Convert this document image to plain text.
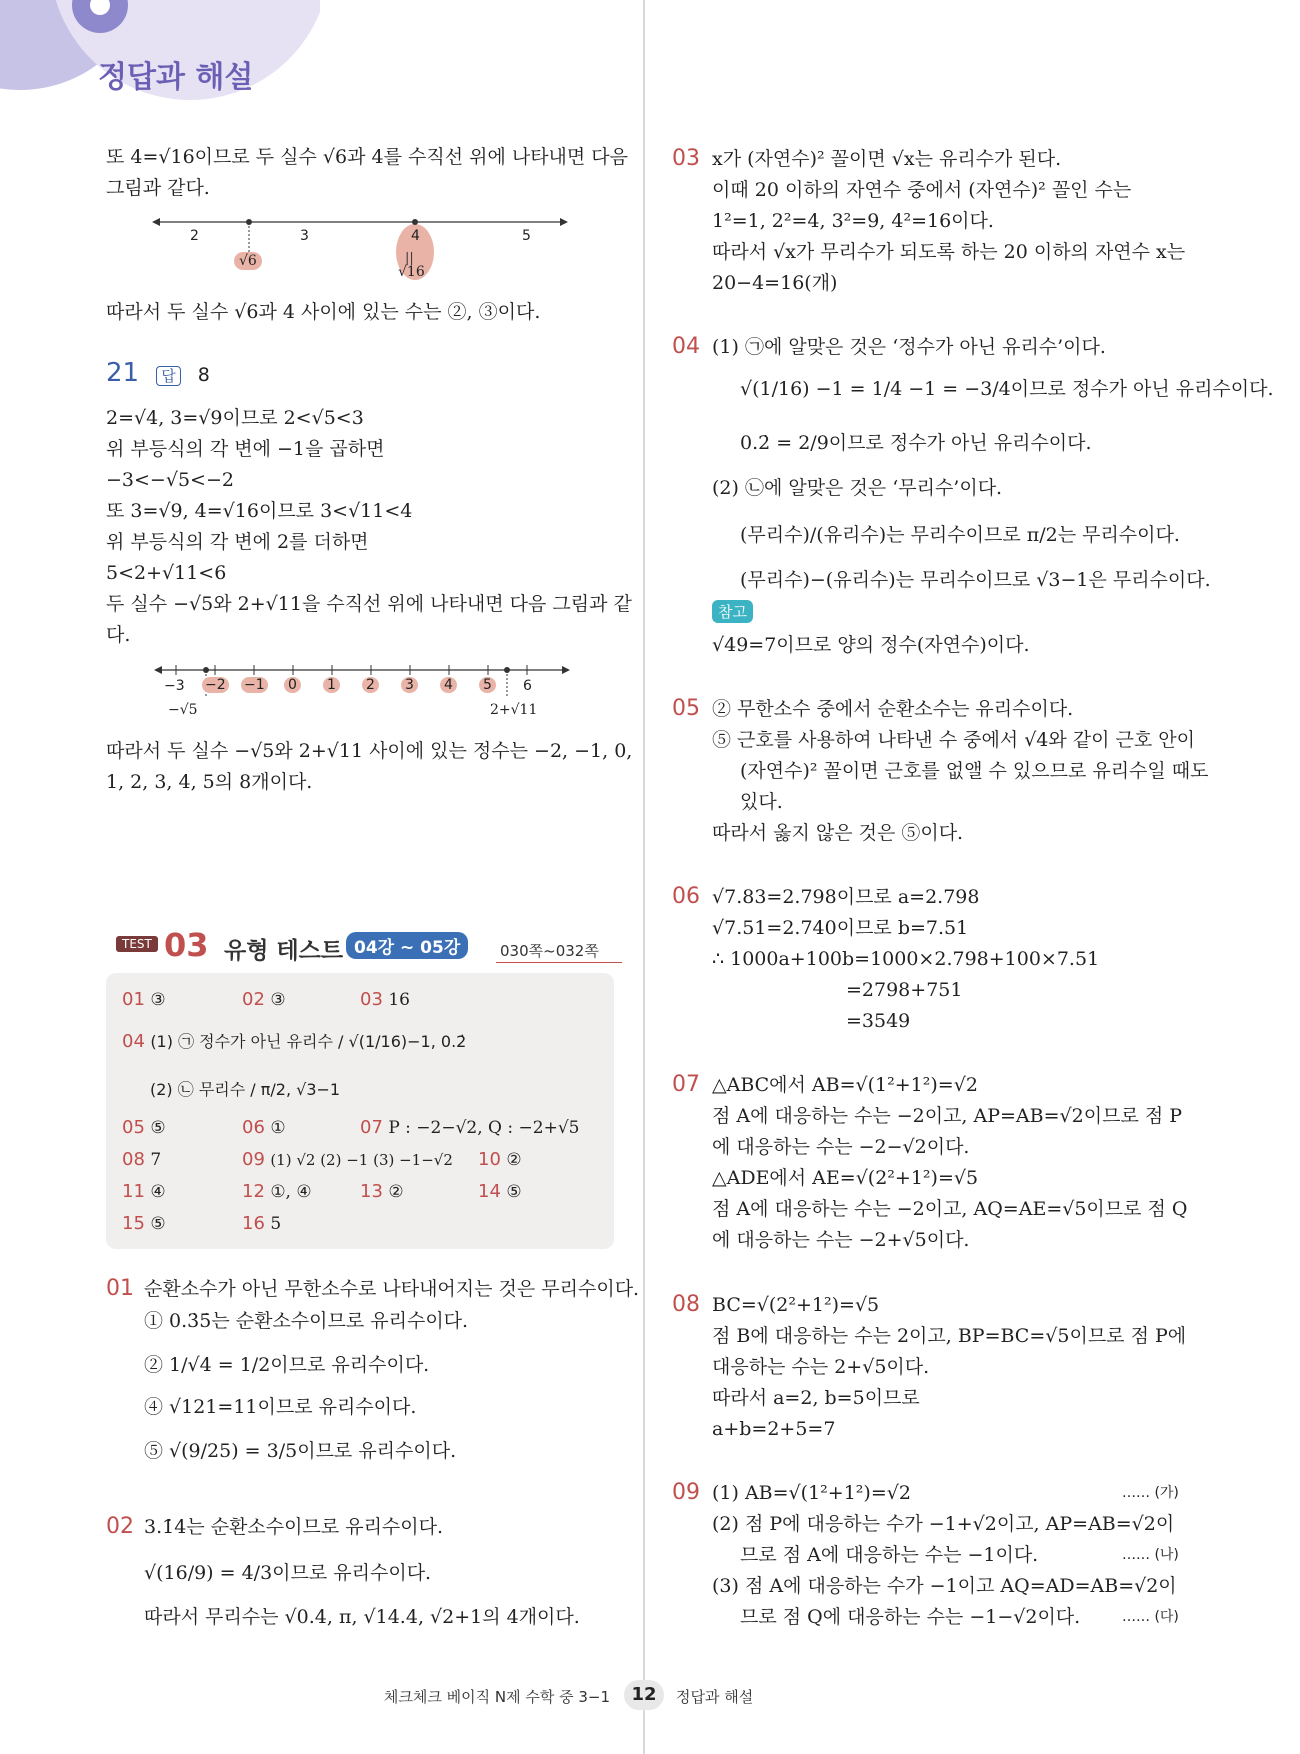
정답과 해설
또 4=√16이므로 두 실수 √6과 4를 수직선 위에 나타내면 다음
그림과 같다.
||
2	3	4	5
√6
√16
따라서 두 실수 √6과 4 사이에 있는 수는 ②, ③이다.
21 답 8
2=√4, 3=√9이므로 2<√5<3
위 부등식의 각 변에 −1을 곱하면
−3<−√5<−2
또 3=√9, 4=√16이므로 3<√11<4
위 부등식의 각 변에 2를 더하면
5<2+√11<6
두 실수 −√5와 2+√11을 수직선 위에 나타내면 다음 그림과 같
다.
−3 −2 −1 0 1 2 3 4 5 6
−√5	2+√11
따라서 두 실수 −√5와 2+√11 사이에 있는 정수는 −2, −1, 0,
1, 2, 3, 4, 5의 8개이다.
TEST 03 유형 테스트 04강 ~ 05강	030쪽~032쪽
01 ③	02 ③	03 16
04 (1) ㉠ 정수가 아닌 유리수 / √(1/16)−1, 0.2̇
(2) ㉡ 무리수 / π/2, √3−1
05 ⑤	06 ①	07 P : −2−√2, Q : −2+√5
08 7	09 (1) √2 (2) −1 (3) −1−√2 10 ②
11 ④	12 ①, ④	13 ②	14 ⑤
15 ⑤	16 5
01 순환소수가 아닌 무한소수로 나타내어지는 것은 무리수이다.
① 0.3̇5̇는 순환소수이므로 유리수이다.
② 1/√4 = 1/2이므로 유리수이다.
④ √121=11이므로 유리수이다.
⑤ √(9/25) = 3/5이므로 유리수이다.
02 3.1̇4̇는 순환소수이므로 유리수이다.
√(16/9) = 4/3이므로 유리수이다.
따라서 무리수는 √0.4, π, √14.4, √2+1의 4개이다.
03 x가 (자연수)² 꼴이면 √x는 유리수가 된다.
이때 20 이하의 자연수 중에서 (자연수)² 꼴인 수는
1²=1, 2²=4, 3²=9, 4²=16이다.
따라서 √x가 무리수가 되도록 하는 20 이하의 자연수 x는
20−4=16(개)
04 (1) ㉠에 알맞은 것은 ‘정수가 아닌 유리수’이다.
√(1/16) −1 = 1/4 −1 = −3/4이므로 정수가 아닌 유리수이다.
0.2̇ = 2/9이므로 정수가 아닌 유리수이다.
(2) ㉡에 알맞은 것은 ‘무리수’이다.
(무리수)/(유리수)는 무리수이므로 π/2는 무리수이다.
(무리수)−(유리수)는 무리수이므로 √3−1은 무리수이다.
참고
√49=7이므로 양의 정수(자연수)이다.
05 ② 무한소수 중에서 순환소수는 유리수이다.
⑤ 근호를 사용하여 나타낸 수 중에서 √4와 같이 근호 안이
(자연수)² 꼴이면 근호를 없앨 수 있으므로 유리수일 때도
있다.
따라서 옳지 않은 것은 ⑤이다.
06 √7.83=2.798이므로 a=2.798
√7.51=2.740이므로 b=7.51
∴ 1000a+100b=1000×2.798+100×7.51
=2798+751
=3549
07 △ABC에서 AB=√(1²+1²)=√2
점 A에 대응하는 수는 −2이고, AP=AB=√2이므로 점 P
에 대응하는 수는 −2−√2이다.
△ADE에서 AE=√(2²+1²)=√5
점 A에 대응하는 수는 −2이고, AQ=AE=√5이므로 점 Q
에 대응하는 수는 −2+√5이다.
08 BC=√(2²+1²)=√5
점 B에 대응하는 수는 2이고, BP=BC=√5이므로 점 P에
대응하는 수는 2+√5이다.
따라서 a=2, b=5이므로
a+b=2+5=7
09 (1) AB=√(1²+1²)=√2
(2) 점 P에 대응하는 수가 −1+√2이고, AP=AB=√2이
므로 점 A에 대응하는 수는 −1이다.
(3) 점 A에 대응하는 수가 −1이고 AQ=AD=AB=√2이
므로 점 Q에 대응하는 수는 −1−√2이다.
…… (가)
…… (나)
…… (다)
체크체크 베이직 N제 수학 중 3−1	12	정답과 해설
